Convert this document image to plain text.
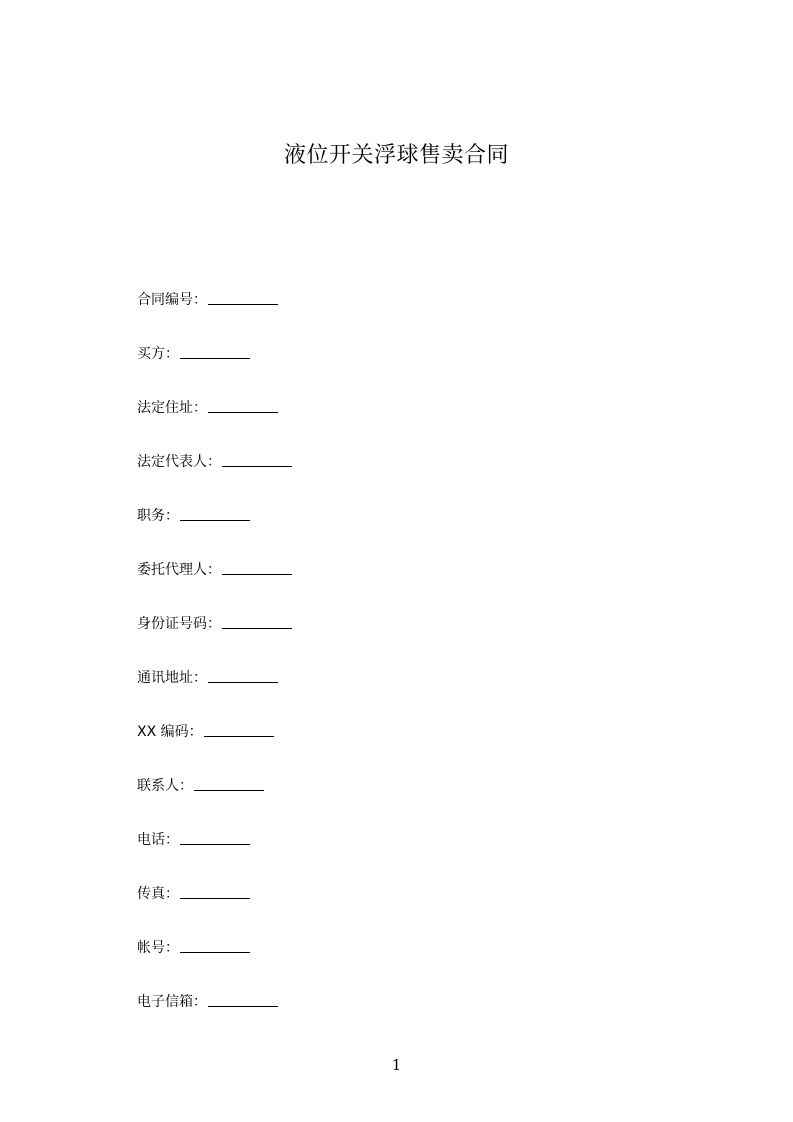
液位开关浮球售卖合同
合同编号：
买方：
法定住址：
法定代表人：
职务：
委托代理人：
身份证号码：
通讯地址：
XX 编码：
联系人：
电话：
传真：
帐号：
电子信箱：
1
